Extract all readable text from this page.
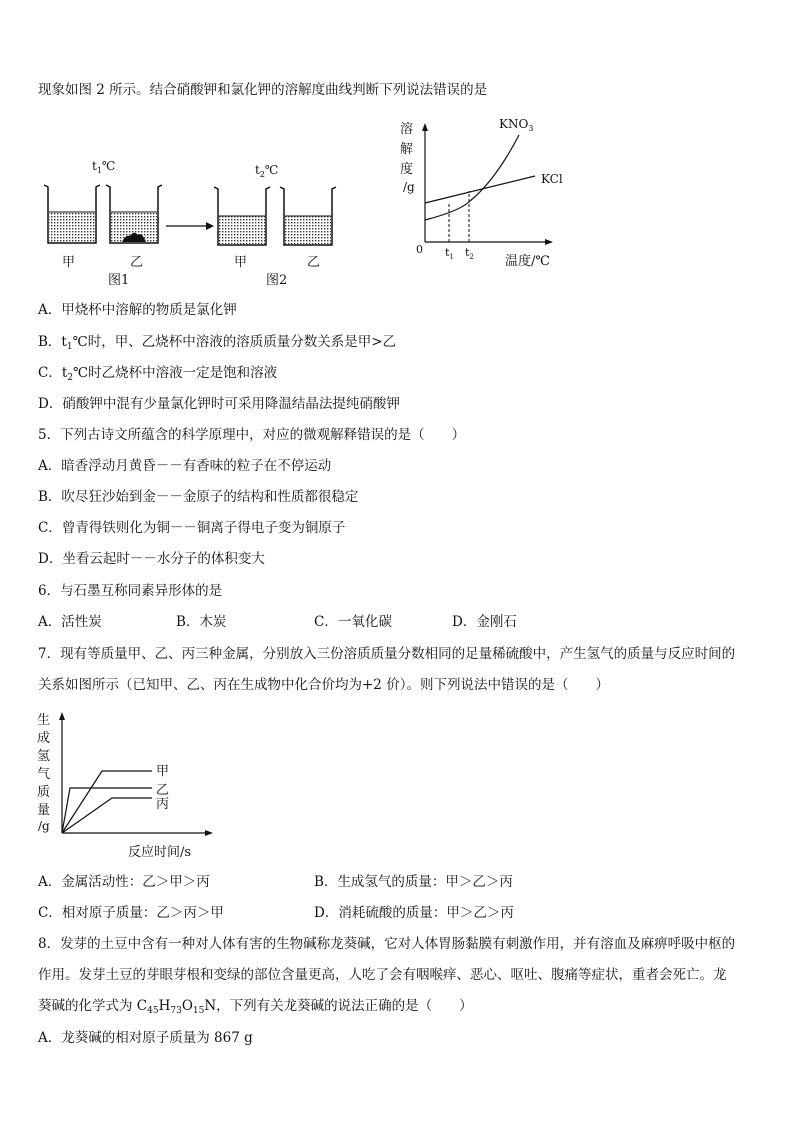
现象如图 2 所示。结合硝酸钾和氯化钾的溶解度曲线判断下列说法错误的是
$t_1℃$	$t_2℃$
甲	乙	甲	乙
图1	图2
溶
解
度
/g
$KNO_3$
KCl
0 $t_1$ $t_2$ 温度/℃
A．甲烧杯中溶解的物质是氯化钾
B．$t_1℃$时，甲、乙烧杯中溶液的溶质质量分数关系是甲>乙
C．$t_2℃$时乙烧杯中溶液一定是饱和溶液
D．硝酸钾中混有少量氯化钾时可采用降温结晶法提纯硝酸钾
5．下列古诗文所蕴含的科学原理中，对应的微观解释错误的是（　　）
A．暗香浮动月黄昏－－有香味的粒子在不停运动
B．吹尽狂沙始到金－－金原子的结构和性质都很稳定
C．曾青得铁则化为铜－－铜离子得电子变为铜原子
D．坐看云起时－－水分子的体积变大
6．与石墨互称同素异形体的是
A．活性炭	B．木炭	C．一氧化碳	D．金刚石
7．现有等质量甲、乙、丙三种金属，分别放入三份溶质质量分数相同的足量稀硫酸中，产生氢气的质量与反应时间的
关系如图所示（已知甲、乙、丙在生成物中化合价均为+2 价）。则下列说法中错误的是（　　）
生
成
氢
气
质
量
/g
甲
乙
丙
反应时间/s
A．金属活动性：乙＞甲＞丙	B．生成氢气的质量：甲＞乙＞丙
C．相对原子质量：乙＞丙＞甲	D．消耗硫酸的质量：甲＞乙＞丙
8．发芽的土豆中含有一种对人体有害的生物碱称龙葵碱，它对人体胃肠黏膜有刺激作用，并有溶血及麻痹呼吸中枢的
作用。发芽土豆的芽眼芽根和变绿的部位含量更高，人吃了会有咽喉痒、恶心、呕吐、腹痛等症状，重者会死亡。龙
葵碱的化学式为 $C_{45}H_{73}O_{15}N$，下列有关龙葵碱的说法正确的是（　　）
A．龙葵碱的相对原子质量为 867 g
